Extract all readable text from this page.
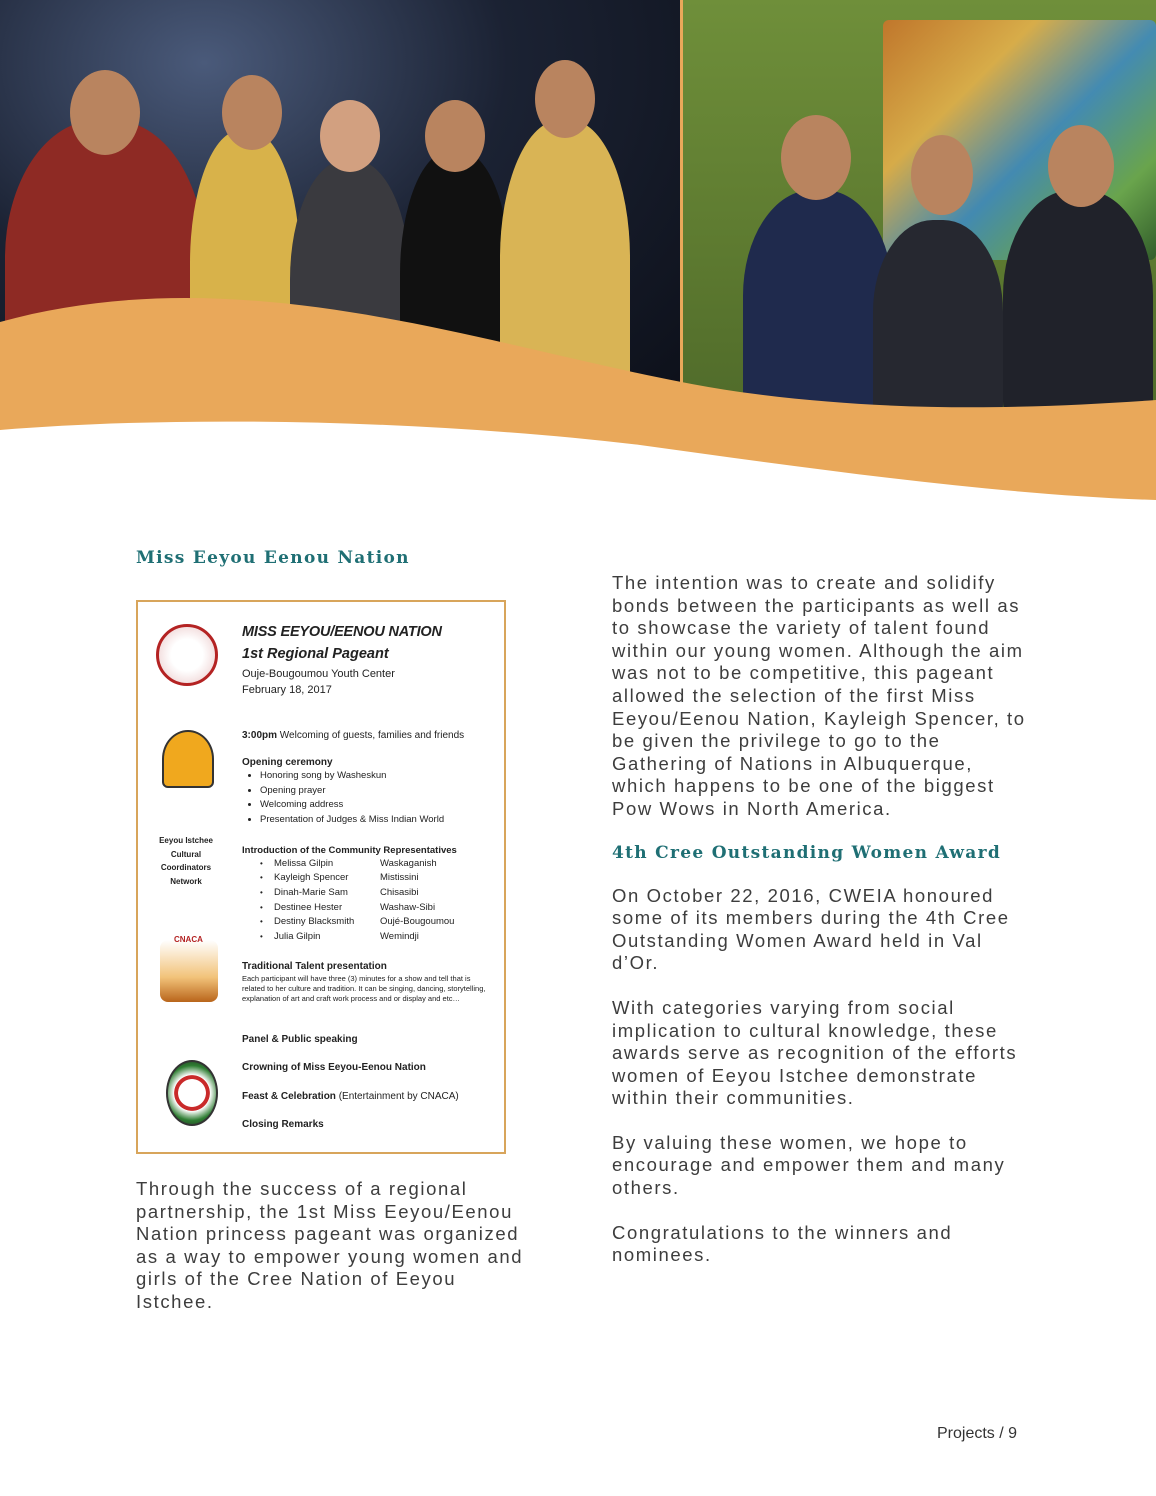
Miss Eeyou Eenou Nation

MISS EEYOU/EENOU NATION

1st Regional Pageant

Ouje-Bougoumou Youth Center
February 18, 2017
3:00pm Welcoming of guests, families and friends
Opening ceremony
• Honoring song by Washeskun
• Opening prayer
• Welcoming address
• Presentation of Judges & Miss Indian World
Eeyou Istchee Cultural Coordinators Network
Introduction of the Community Representatives
•	Melissa Gilpin	Waskaganish
•	Kayleigh Spencer	Mistissini
•	Dinah-Marie Sam	Chisasibi
•	Destinee Hester	Washaw-Sibi
•	Destiny Blacksmith	Oujé-Bougoumou
•	Julia Gilpin	Wemindji
CNACA
Traditional Talent presentation
Each participant will have three (3) minutes for a show and tell that is related to her culture and tradition. It can be singing, dancing, storytelling, explanation of art and craft work process and or display and etc…
Panel & Public speaking
Crowning of Miss Eeyou-Eenou Nation
Feast & Celebration (Entertainment by CNACA)
Closing Remarks

Through the success of a regional partnership, the 1st Miss Eeyou/Eenou Nation princess pageant was organized as a way to empower young women and girls of the Cree Nation of Eeyou Istchee.

The intention was to create and solidify bonds between the participants as well as to showcase the variety of talent found within our young women. Although the aim was not to be competitive, this pageant allowed the selection of the first Miss Eeyou/Eenou Nation, Kayleigh Spencer, to be given the privilege to go to the Gathering of Nations in Albuquerque, which happens to be one of the biggest Pow Wows in North America.

4th Cree Outstanding Women Award

On October 22, 2016, CWEIA honoured some of its members during the 4th Cree Outstanding Women Award held in Val d’Or.

With categories varying from social implication to cultural knowledge, these awards serve as recognition of the efforts women of Eeyou Istchee demonstrate within their communities.

By valuing these women, we hope to encourage and empower them and many others.

Congratulations to the winners and nominees.

Projects / 9
